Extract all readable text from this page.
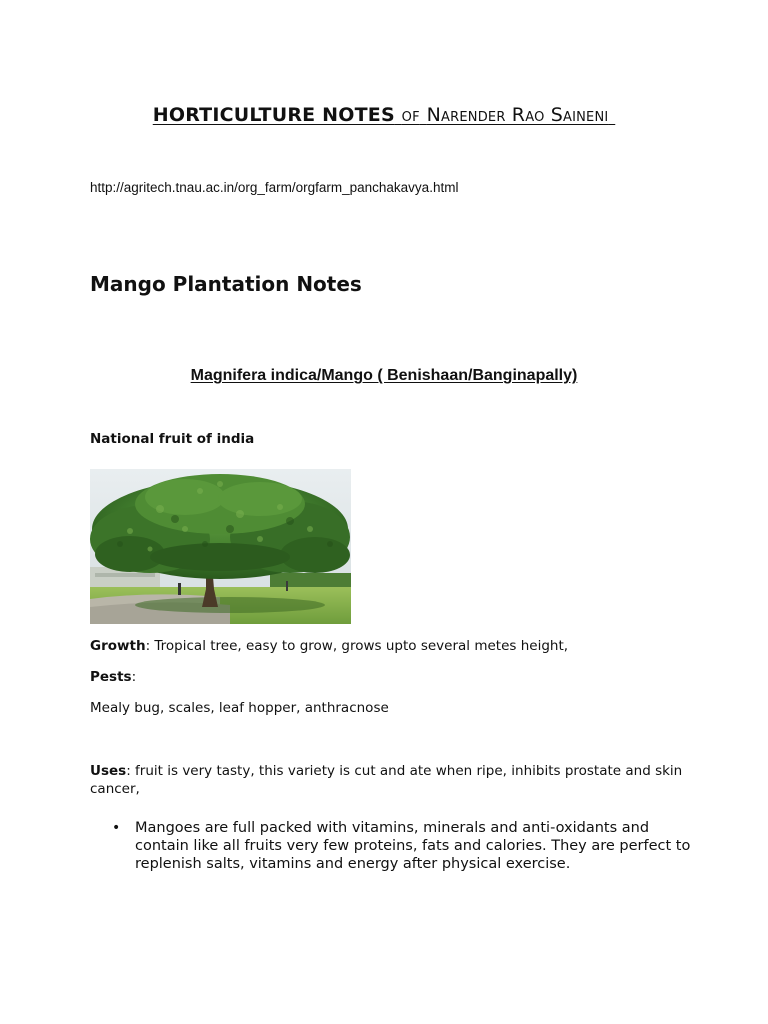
HORTICULTURE NOTES of Narender Rao Saineni
http://agritech.tnau.ac.in/org_farm/orgfarm_panchakavya.html
Mango Plantation Notes
Magnifera indica/Mango ( Benishaan/Banginapally)
National fruit of india
Growth: Tropical tree, easy to grow, grows upto several metes height,
Pests:
Mealy bug, scales, leaf hopper, anthracnose
Uses: fruit is very tasty, this variety is cut and ate when ripe, inhibits prostate and skin cancer,
• Mangoes are full packed with vitamins, minerals and anti-oxidants and contain like all fruits very few proteins, fats and calories. They are perfect to replenish salts, vitamins and energy after physical exercise.
